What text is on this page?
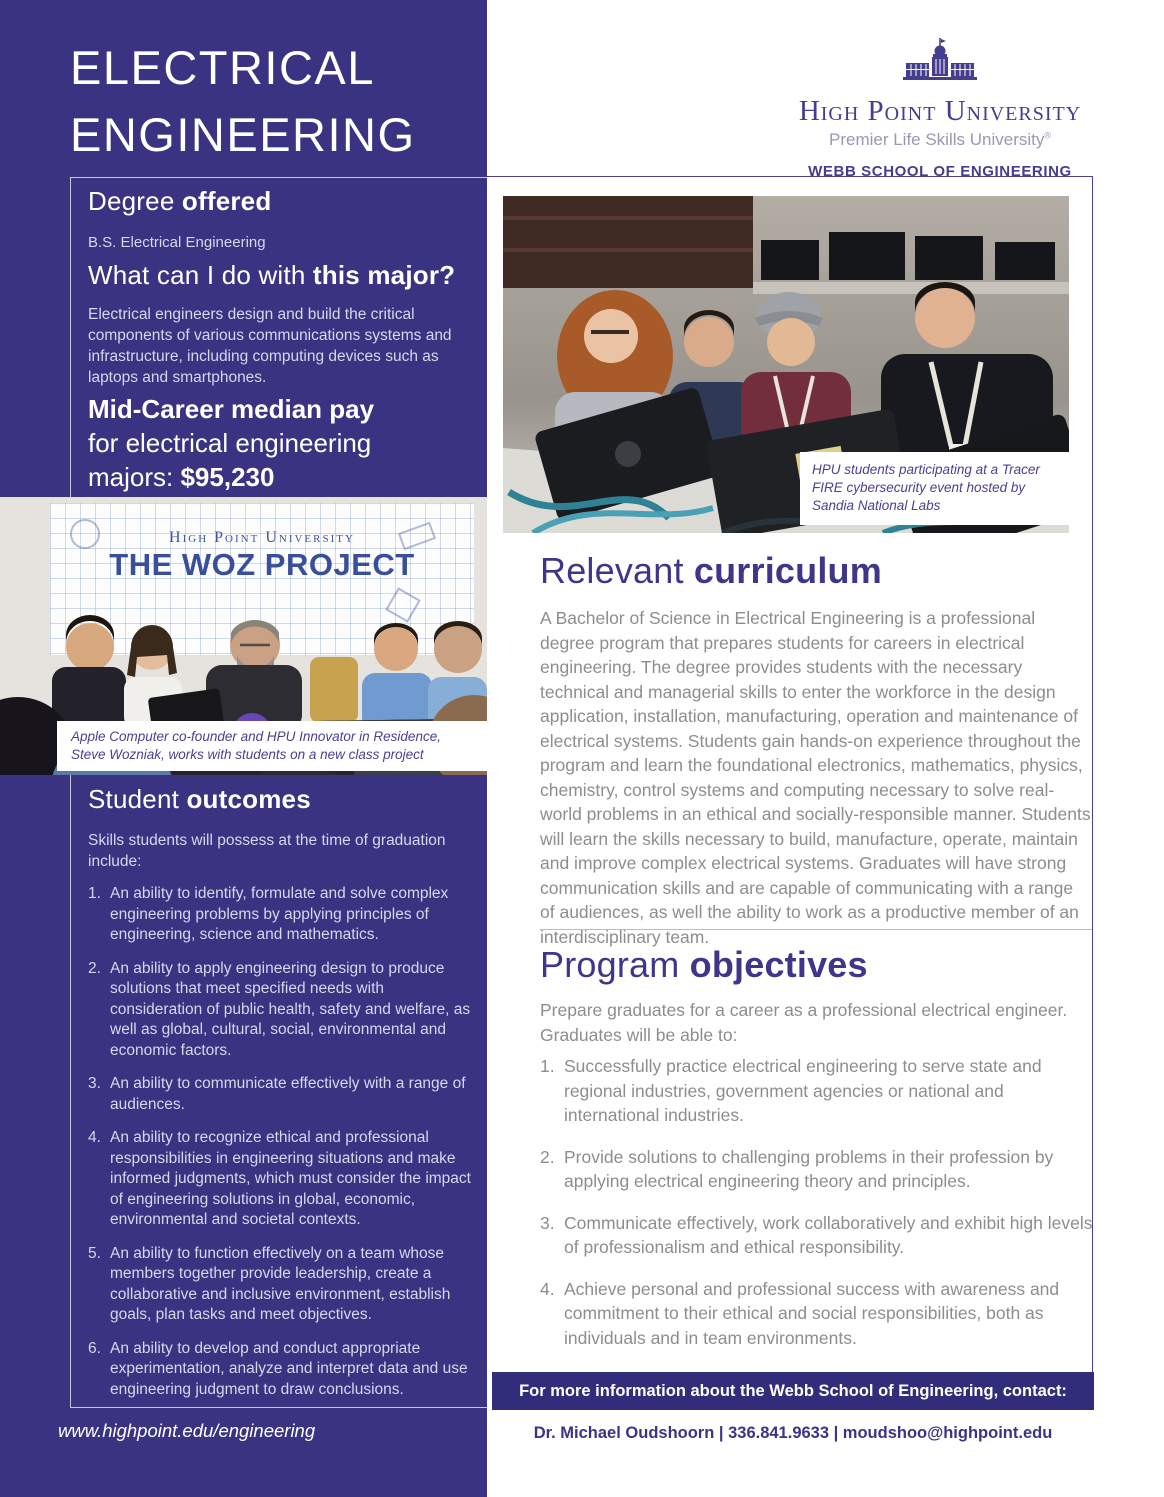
ELECTRICAL
ENGINEERING
Degree offered
B.S. Electrical Engineering
What can I do with this major?
Electrical engineers design and build the critical components of various communications systems and infrastructure, including computing devices such as laptops and smartphones.
Mid-Career median pay
for electrical engineering
majors: $95,230
High Point University
THE WOZ PROJECT
Apple Computer co-founder and HPU Innovator in Residence,
Steve Wozniak, works with students on a new class project
Student outcomes
Skills students will possess at the time of graduation include:
An ability to identify, formulate and solve complex engineering problems by applying principles of engineering, science and mathematics.
An ability to apply engineering design to produce solutions that meet specified needs with consideration of public health, safety and welfare, as well as global, cultural, social, environmental and economic factors.
An ability to communicate effectively with a range of audiences.
An ability to recognize ethical and professional responsibilities in engineering situations and make informed judgments, which must consider the impact of engineering solutions in global, economic, environmental and societal contexts.
An ability to function effectively on a team whose members together provide leadership, create a collaborative and inclusive environment, establish goals, plan tasks and meet objectives.
An ability to develop and conduct appropriate experimentation, analyze and interpret data and use engineering judgment to draw conclusions.
www.highpoint.edu/engineering
High Point University
Premier Life Skills University®
WEBB SCHOOL OF ENGINEERING
HPU students participating at a Tracer FIRE cybersecurity event hosted by Sandia National Labs
Relevant curriculum
A Bachelor of Science in Electrical Engineering is a professional degree program that prepares students for careers in electrical engineering. The degree provides students with the necessary technical and managerial skills to enter the workforce in the design application, installation, manufacturing, operation and maintenance of electrical systems. Students gain hands-on experience throughout the program and learn the foundational electronics, mathematics, physics, chemistry, control systems and computing necessary to solve real-world problems in an ethical and socially-responsible manner. Students will learn the skills necessary to build, manufacture, operate, maintain and improve complex electrical systems. Graduates will have strong communication skills and are capable of communicating with a range of audiences, as well the ability to work as a productive member of an interdisciplinary team.
Program objectives
Prepare graduates for a career as a professional electrical engineer. Graduates will be able to:
Successfully practice electrical engineering to serve state and regional industries, government agencies or national and international industries.
Provide solutions to challenging problems in their profession by applying electrical engineering theory and principles.
Communicate effectively, work collaboratively and exhibit high levels of professionalism and ethical responsibility.
Achieve personal and professional success with awareness and commitment to their ethical and social responsibilities, both as individuals and in team environments.
For more information about the Webb School of Engineering, contact:
Dr. Michael Oudshoorn | 336.841.9633 | moudshoo@highpoint.edu
